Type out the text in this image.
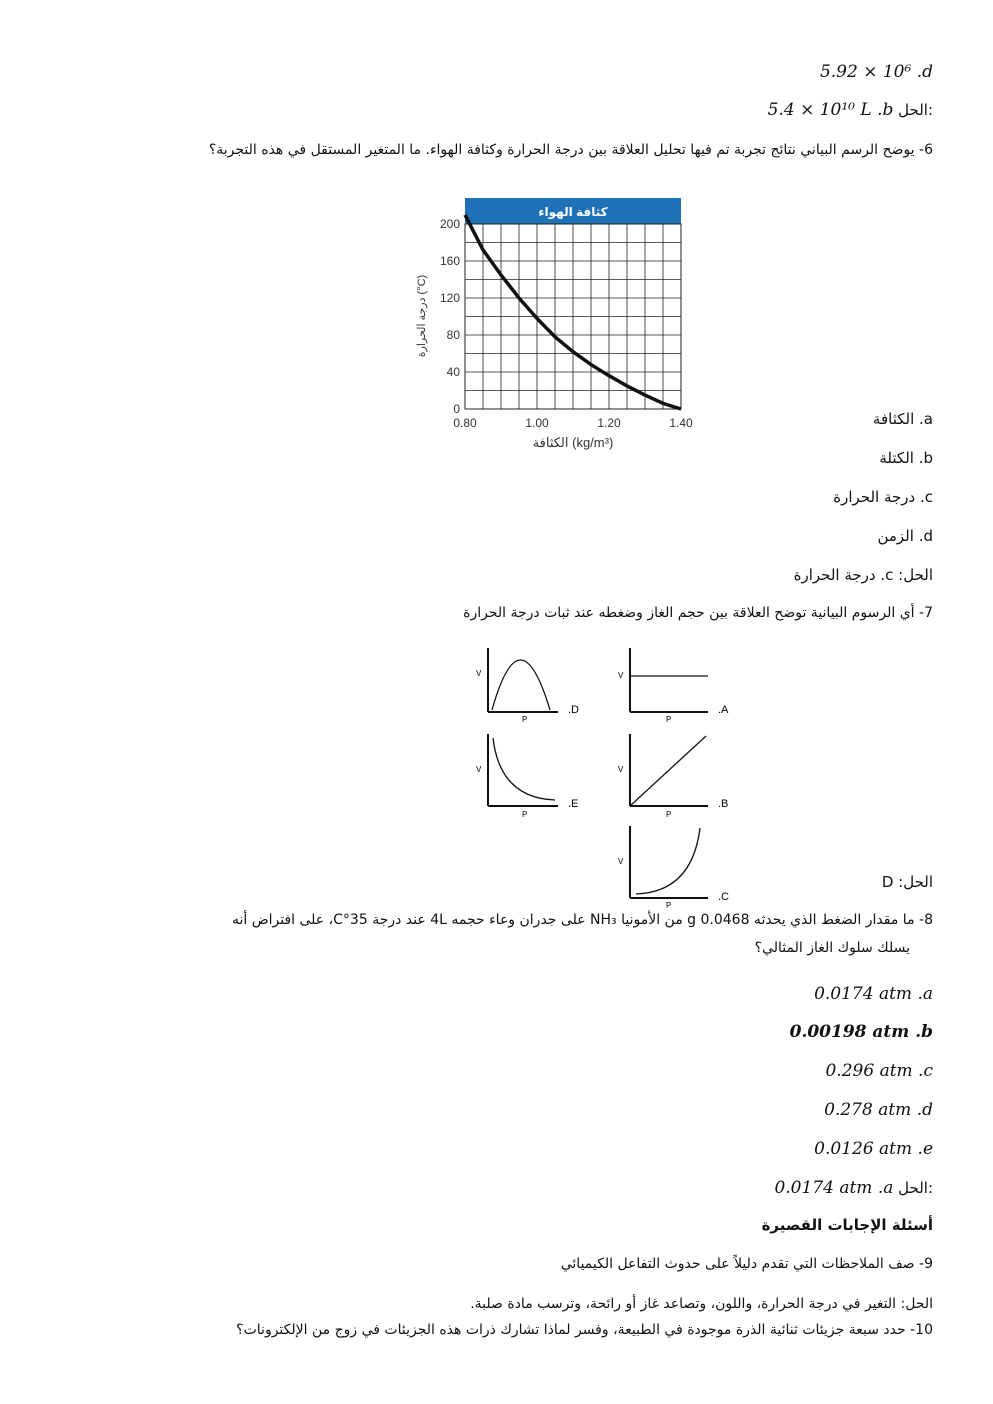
5.92 × 10⁶ .d
5.4 × 10¹⁰ L .b الحل:
6- يوضح الرسم البياني نتائج تجربة تم فيها تحليل العلاقة بين درجة الحرارة وكثافة الهواء. ما المتغير المستقل في هذه التجربة؟
كثافة الهواء
0.80	1.00	1.20	1.40
0
40
80
120
160
200
الكثافة (kg/m³)
درجة الحرارة (°C)
a. الكثافة
b. الكتلة
c. درجة الحرارة
d. الزمن
الحل: c. درجة الحرارة
7- أي الرسوم البيانية توضح العلاقة بين حجم الغاز وضغطه عند ثبات درجة الحرارة
V
P
.D
V
P
.A
V
P
.E
V
P
.B
V
P
.C
الحل: D
8- ما مقدار الضغط الذي يحدثه 0.0468 g من الأمونيا NH₃ على جدران وعاء حجمه 4L عند درجة 35°C، على افتراض أنه
يسلك سلوك الغاز المثالي؟
0.0174 atm .a
0.00198 atm .b
0.296 atm .c
0.278 atm .d
0.0126 atm .e
0.0174 atm .a الحل:
أسئلة الإجابات القصيرة
9- صف الملاحظات التي تقدم دليلاً على حدوث التفاعل الكيميائي
الحل: التغير في درجة الحرارة، واللون، وتصاعد غاز أو رائحة، وترسب مادة صلبة.
10- حدد سبعة جزيئات ثنائية الذرة موجودة في الطبيعة، وفسر لماذا تشارك ذرات هذه الجزيئات في زوج من الإلكترونات؟
